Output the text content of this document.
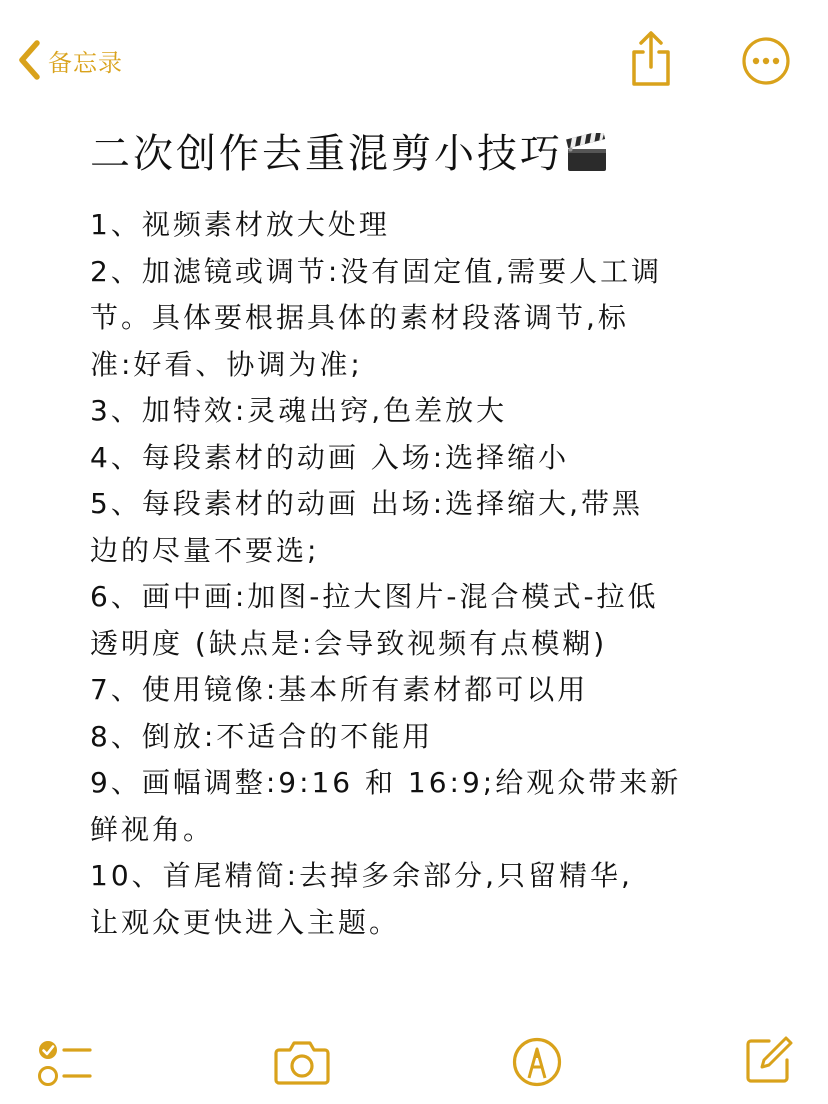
备忘录
二次创作去重混剪小技巧
1、视频素材放大处理
2、加滤镜或调节:没有固定值,需要人工调
节。具体要根据具体的素材段落调节,标
准:好看、协调为准;
3、加特效:灵魂出窍,色差放大
4、每段素材的动画 入场:选择缩小
5、每段素材的动画 出场:选择缩大,带黑
边的尽量不要选;
6、画中画:加图-拉大图片-混合模式-拉低
透明度 (缺点是:会导致视频有点模糊)
7、使用镜像:基本所有素材都可以用
8、倒放:不适合的不能用
9、画幅调整:9:16 和 16:9;给观众带来新
鲜视角。
10、首尾精简:去掉多余部分,只留精华,
让观众更快进入主题。
